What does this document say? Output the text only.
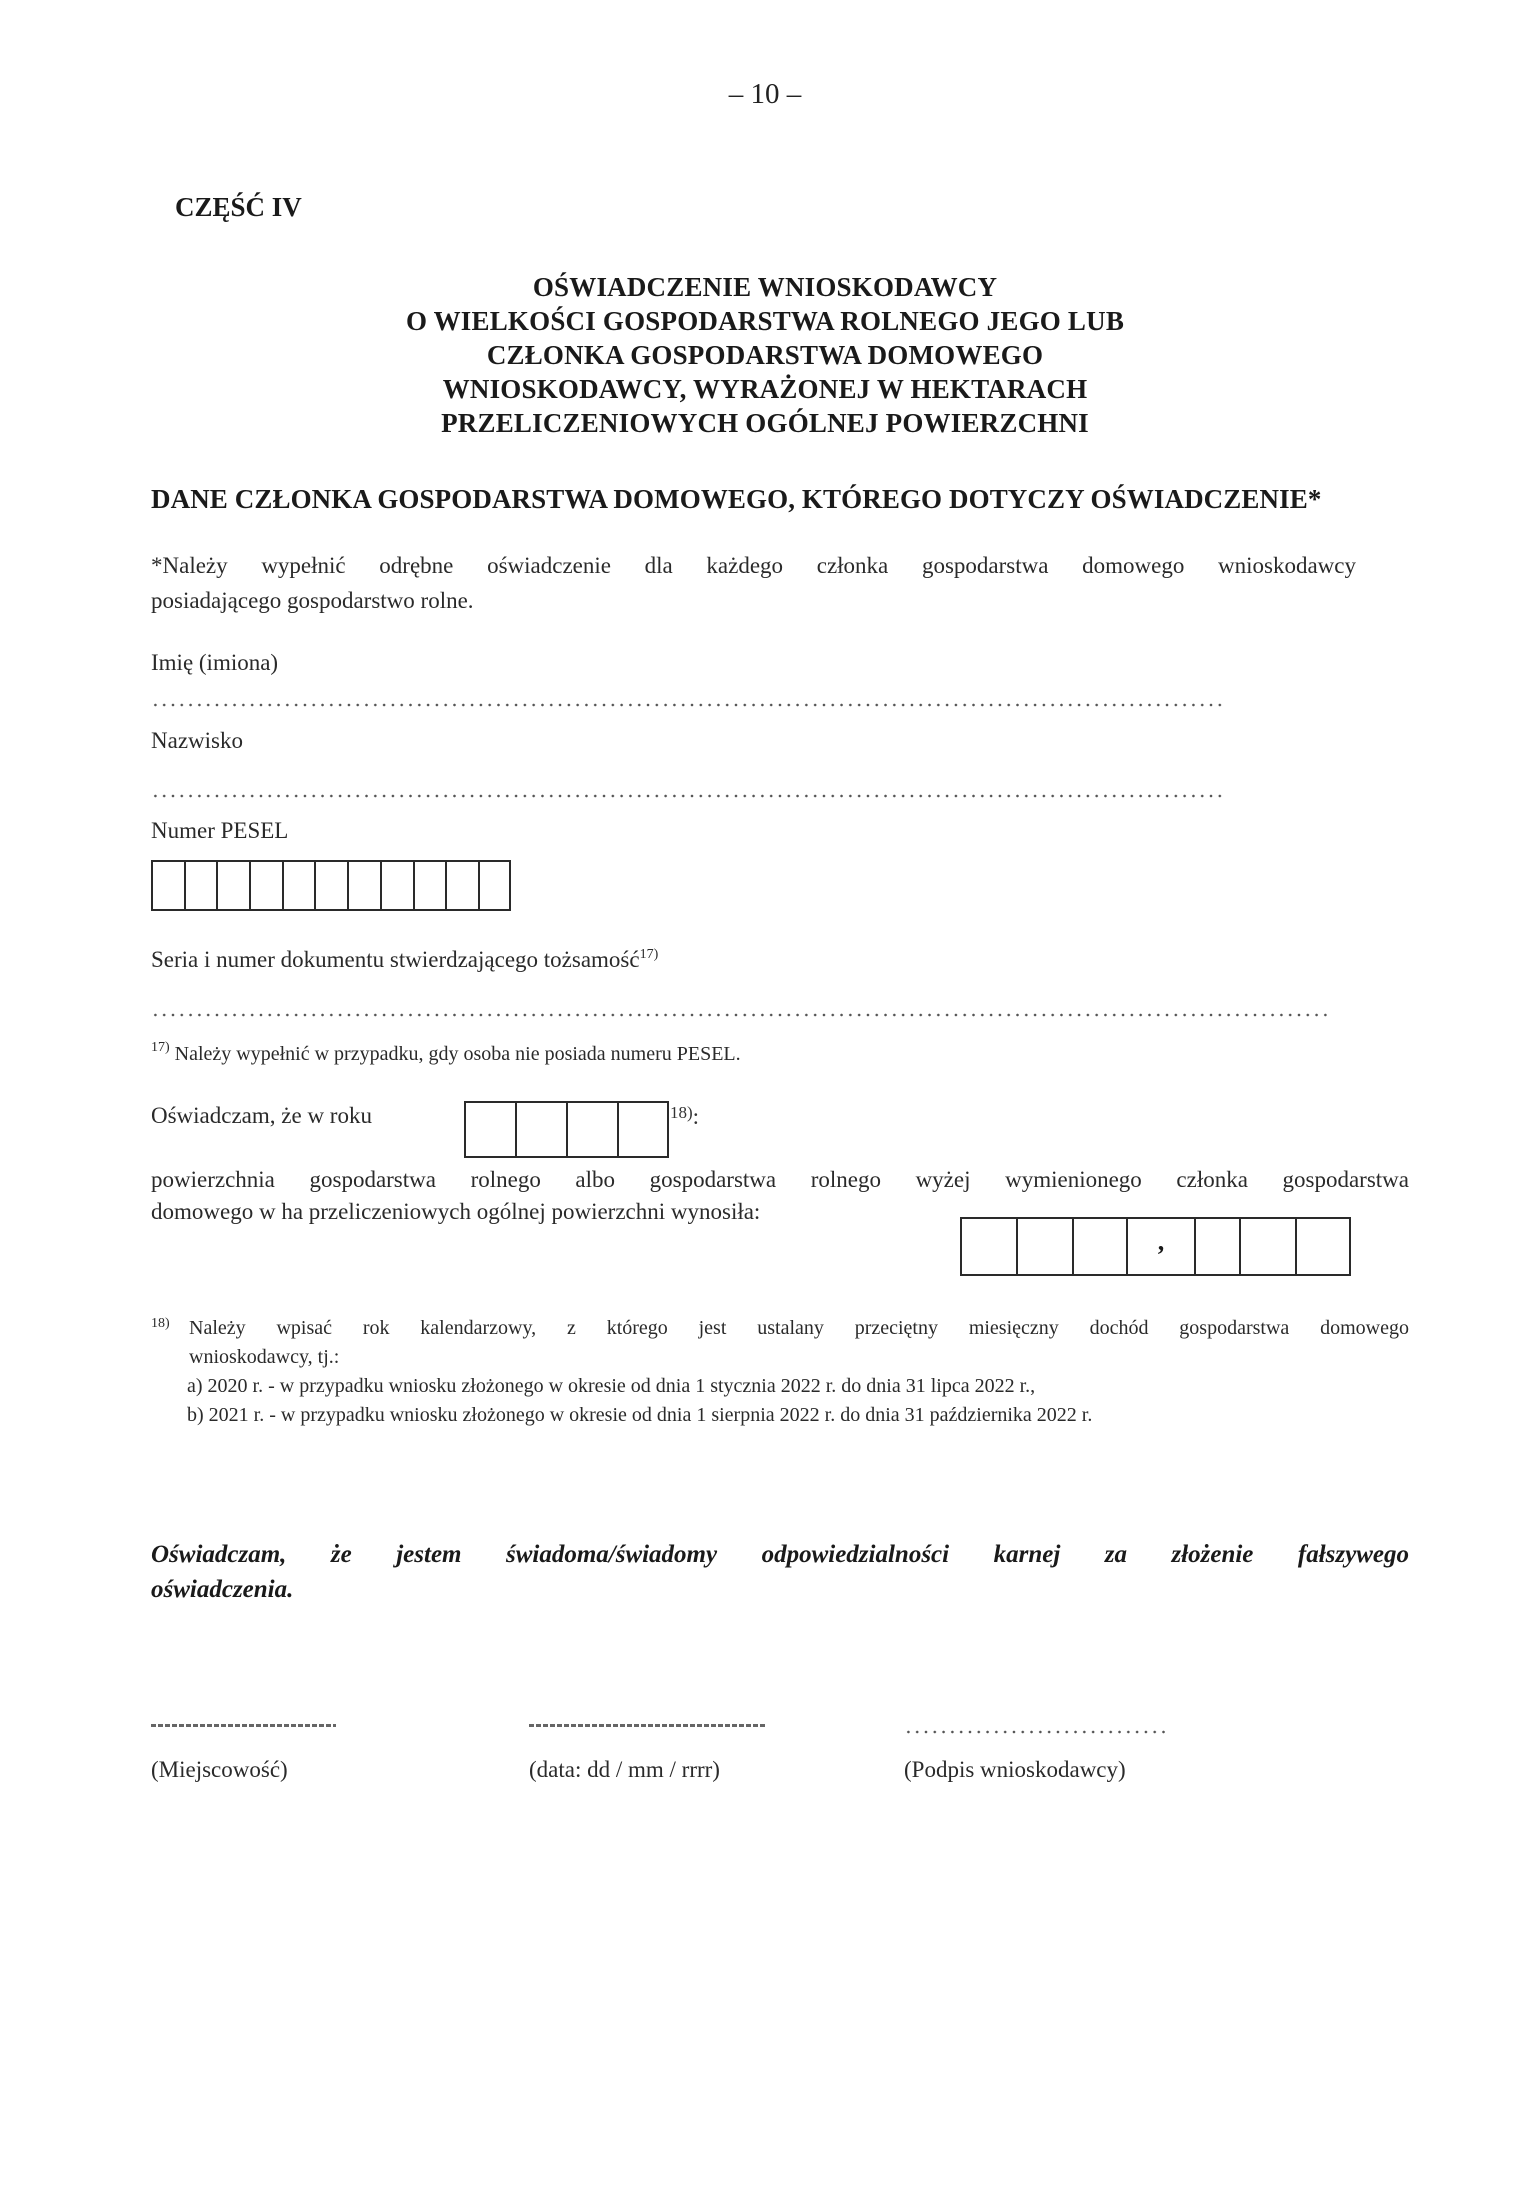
– 10 –
CZĘŚĆ IV
OŚWIADCZENIE WNIOSKODAWCY
O WIELKOŚCI GOSPODARSTWA ROLNEGO JEGO LUB
CZŁONKA GOSPODARSTWA DOMOWEGO
WNIOSKODAWCY, WYRAŻONEJ W HEKTARACH
PRZELICZENIOWYCH OGÓLNEJ POWIERZCHNI
DANE CZŁONKA GOSPODARSTWA DOMOWEGO, KTÓREGO DOTYCZY OŚWIADCZENIE*
*Należy wypełnić odrębne oświadczenie dla każdego członka gospodarstwa domowego wnioskodawcy
posiadającego gospodarstwo rolne.
Imię (imiona)
Nazwisko
Numer PESEL
Seria i numer dokumentu stwierdzającego tożsamość$^{17)}$
$^{17)}$ Należy wypełnić w przypadku, gdy osoba nie posiada numeru PESEL.
Oświadczam, że w roku	18):
powierzchnia gospodarstwa rolnego albo gospodarstwa rolnego wyżej wymienionego członka gospodarstwa
domowego w ha przeliczeniowych ogólnej powierzchni wynosiła:
,
18) Należy wpisać rok kalendarzowy, z którego jest ustalany przeciętny miesięczny dochód gospodarstwa domowego
wnioskodawcy, tj.:
a) 2020 r. - w przypadku wniosku złożonego w okresie od dnia 1 stycznia 2022 r. do dnia 31 lipca 2022 r.,
b) 2021 r. - w przypadku wniosku złożonego w okresie od dnia 1 sierpnia 2022 r. do dnia 31 października 2022 r.
Oświadczam, że jestem świadoma/świadomy odpowiedzialności karnej za złożenie fałszywego
oświadczenia.
(Miejscowość)	(data: dd / mm / rrrr)	(Podpis wnioskodawcy)
